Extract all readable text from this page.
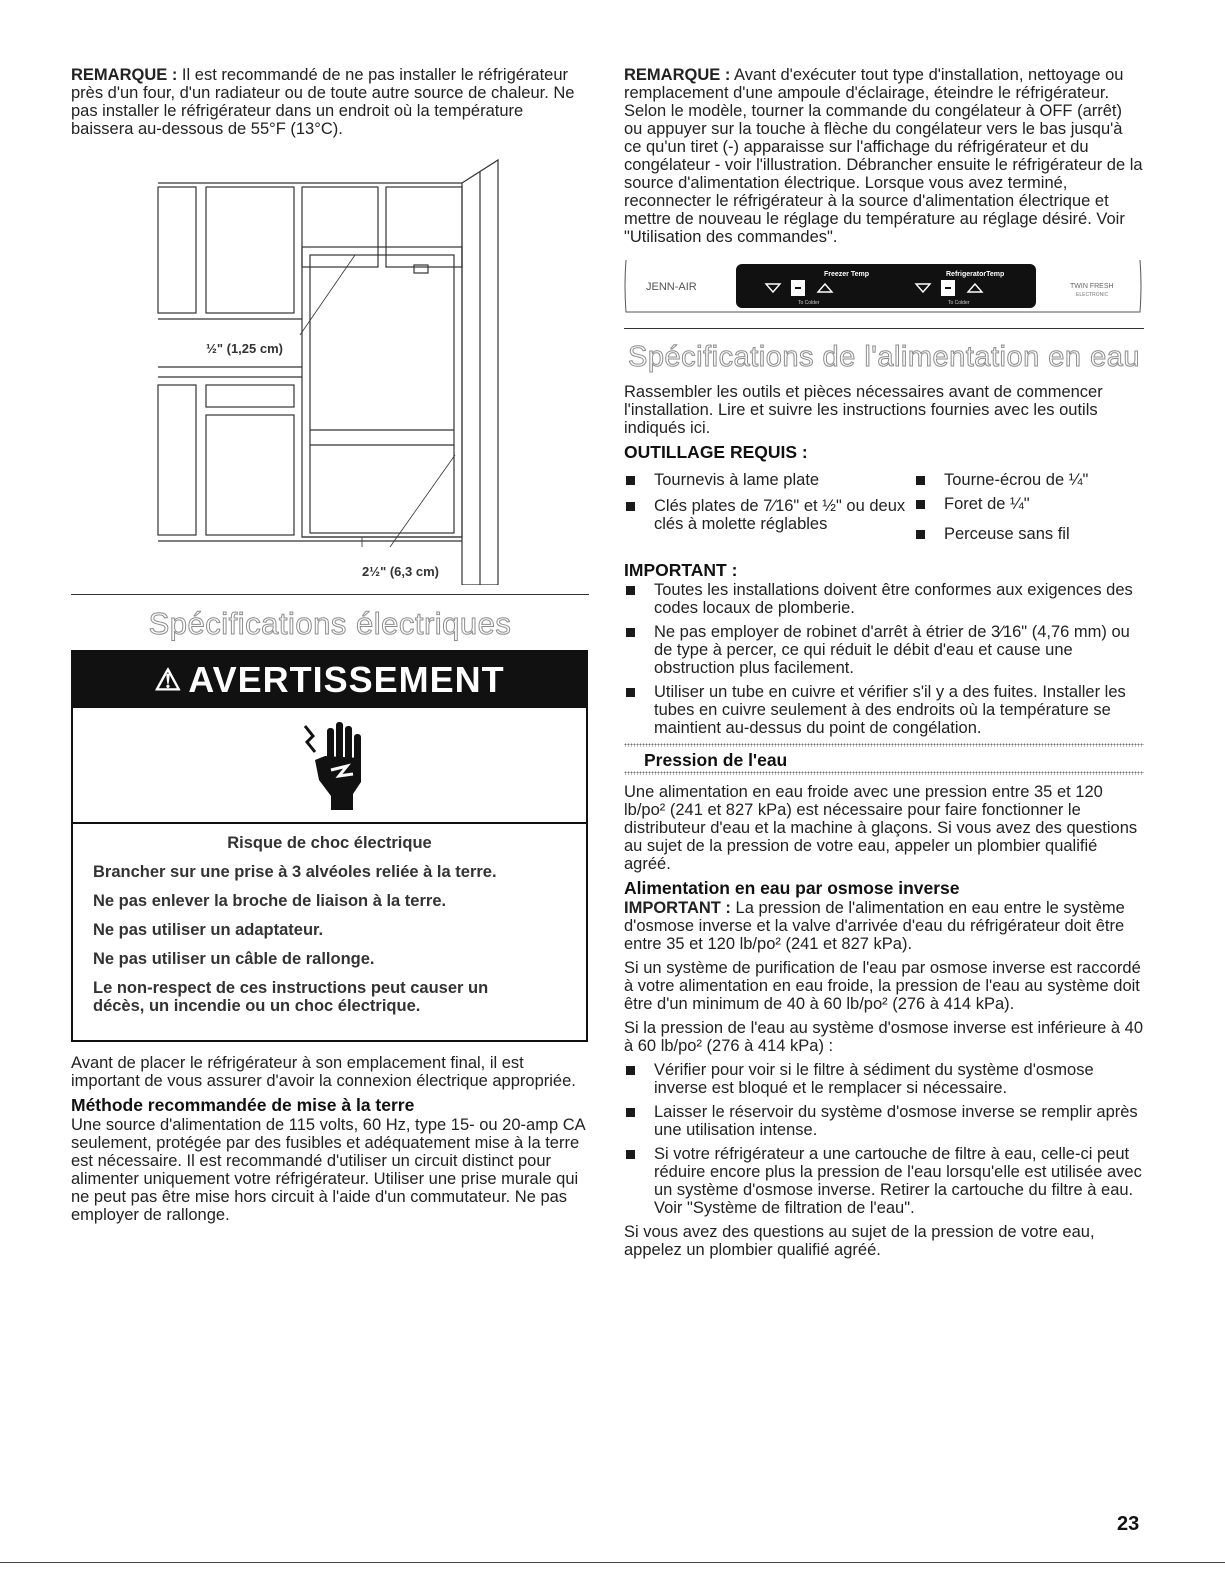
REMARQUE : Il est recommandé de ne pas installer le réfrigérateur près d'un four, d'un radiateur ou de toute autre source de chaleur. Ne pas installer le réfrigérateur dans un endroit où la température baissera au-dessous de 55°F (13°C).

½" (1,25 cm)
2½" (6,3 cm)
Spécifications électriques
⚠ AVERTISSEMENT

Risque de choc électrique

Brancher sur une prise à 3 alvéoles reliée à la terre.

Ne pas enlever la broche de liaison à la terre.

Ne pas utiliser un adaptateur.

Ne pas utiliser un câble de rallonge.

Le non-respect de ces instructions peut causer un décès, un incendie ou un choc électrique.

Avant de placer le réfrigérateur à son emplacement final, il est important de vous assurer d'avoir la connexion électrique appropriée.

Méthode recommandée de mise à la terre

Une source d'alimentation de 115 volts, 60 Hz, type 15- ou 20-amp CA seulement, protégée par des fusibles et adéquatement mise à la terre est nécessaire. Il est recommandé d'utiliser un circuit distinct pour alimenter uniquement votre réfrigérateur. Utiliser une prise murale qui ne peut pas être mise hors circuit à l'aide d'un commutateur. Ne pas employer de rallonge.

REMARQUE : Avant d'exécuter tout type d'installation, nettoyage ou remplacement d'une ampoule d'éclairage, éteindre le réfrigérateur. Selon le modèle, tourner la commande du congélateur à OFF (arrêt) ou appuyer sur la touche à flèche du congélateur vers le bas jusqu'à ce qu'un tiret (-) apparaisse sur l'affichage du réfrigérateur et du congélateur - voir l'illustration. Débrancher ensuite le réfrigérateur de la source d'alimentation électrique. Lorsque vous avez terminé, reconnecter le réfrigérateur à la source d'alimentation électrique et mettre de nouveau le réglage du température au réglage désiré. Voir "Utilisation des commandes".

JENN-AIR
Freezer Temp	RefrigeratorTemp
To Colder	To Colder
TWIN FRESH
ELECTRONIC
Spécifications de l'alimentation en eau

Rassembler les outils et pièces nécessaires avant de commencer l'installation. Lire et suivre les instructions fournies avec les outils indiqués ici.

OUTILLAGE REQUIS :
Tournevis à lame plate
Clés plates de 7⁄16" et ½" ou deux clés à molette réglables
Tourne-écrou de ¼"
Foret de ¼"
Perceuse sans fil
IMPORTANT :
Toutes les installations doivent être conformes aux exigences des codes locaux de plomberie.
Ne pas employer de robinet d'arrêt à étrier de 3⁄16" (4,76 mm) ou de type à percer, ce qui réduit le débit d'eau et cause une obstruction plus facilement.
Utiliser un tube en cuivre et vérifier s'il y a des fuites. Installer les tubes en cuivre seulement à des endroits où la température se maintient au-dessus du point de congélation.
Pression de l'eau

Une alimentation en eau froide avec une pression entre 35 et 120 lb/po² (241 et 827 kPa) est nécessaire pour faire fonctionner le distributeur d'eau et la machine à glaçons. Si vous avez des questions au sujet de la pression de votre eau, appeler un plombier qualifié agréé.

Alimentation en eau par osmose inverse

IMPORTANT : La pression de l'alimentation en eau entre le système d'osmose inverse et la valve d'arrivée d'eau du réfrigérateur doit être entre 35 et 120 lb/po² (241 et 827 kPa).

Si un système de purification de l'eau par osmose inverse est raccordé à votre alimentation en eau froide, la pression de l'eau au système doit être d'un minimum de 40 à 60 lb/po² (276 à 414 kPa).

Si la pression de l'eau au système d'osmose inverse est inférieure à 40 à 60 lb/po² (276 à 414 kPa) :

Vérifier pour voir si le filtre à sédiment du système d'osmose inverse est bloqué et le remplacer si nécessaire.
Laisser le réservoir du système d'osmose inverse se remplir après une utilisation intense.
Si votre réfrigérateur a une cartouche de filtre à eau, celle-ci peut réduire encore plus la pression de l'eau lorsqu'elle est utilisée avec un système d'osmose inverse. Retirer la cartouche du filtre à eau. Voir "Système de filtration de l'eau".

Si vous avez des questions au sujet de la pression de votre eau, appelez un plombier qualifié agréé.

23
